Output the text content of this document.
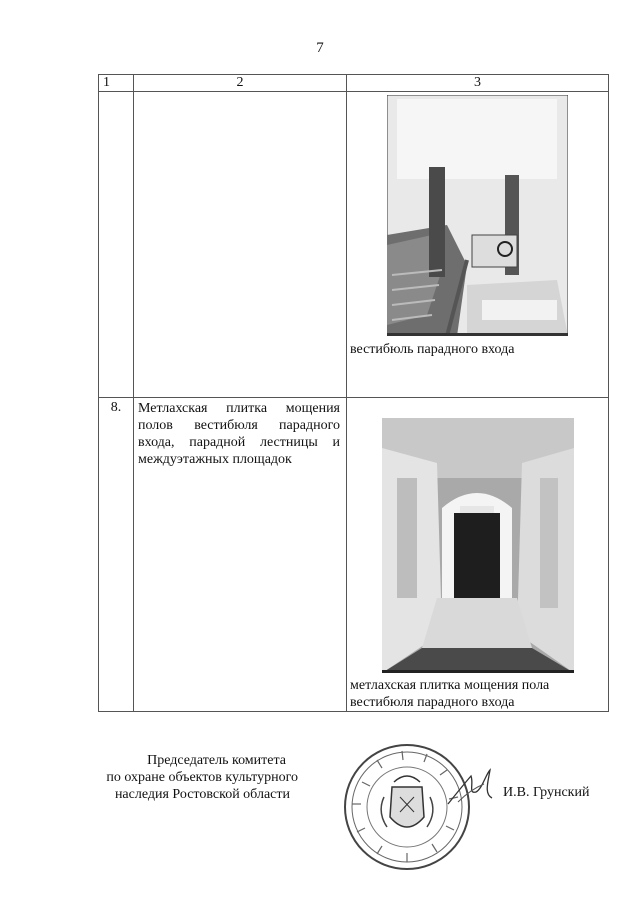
7
1	2	3

		вестибюль парадного входа

8.	Метлахская плитка мощения полов вестибюля парадного входа, парадной лестницы и междуэтажных площадок	метлахская плитка мощения пола
вестибюля парадного входа
Председатель комитета
по охране объектов культурного
наследия Ростовской области	И.В. Грунский
